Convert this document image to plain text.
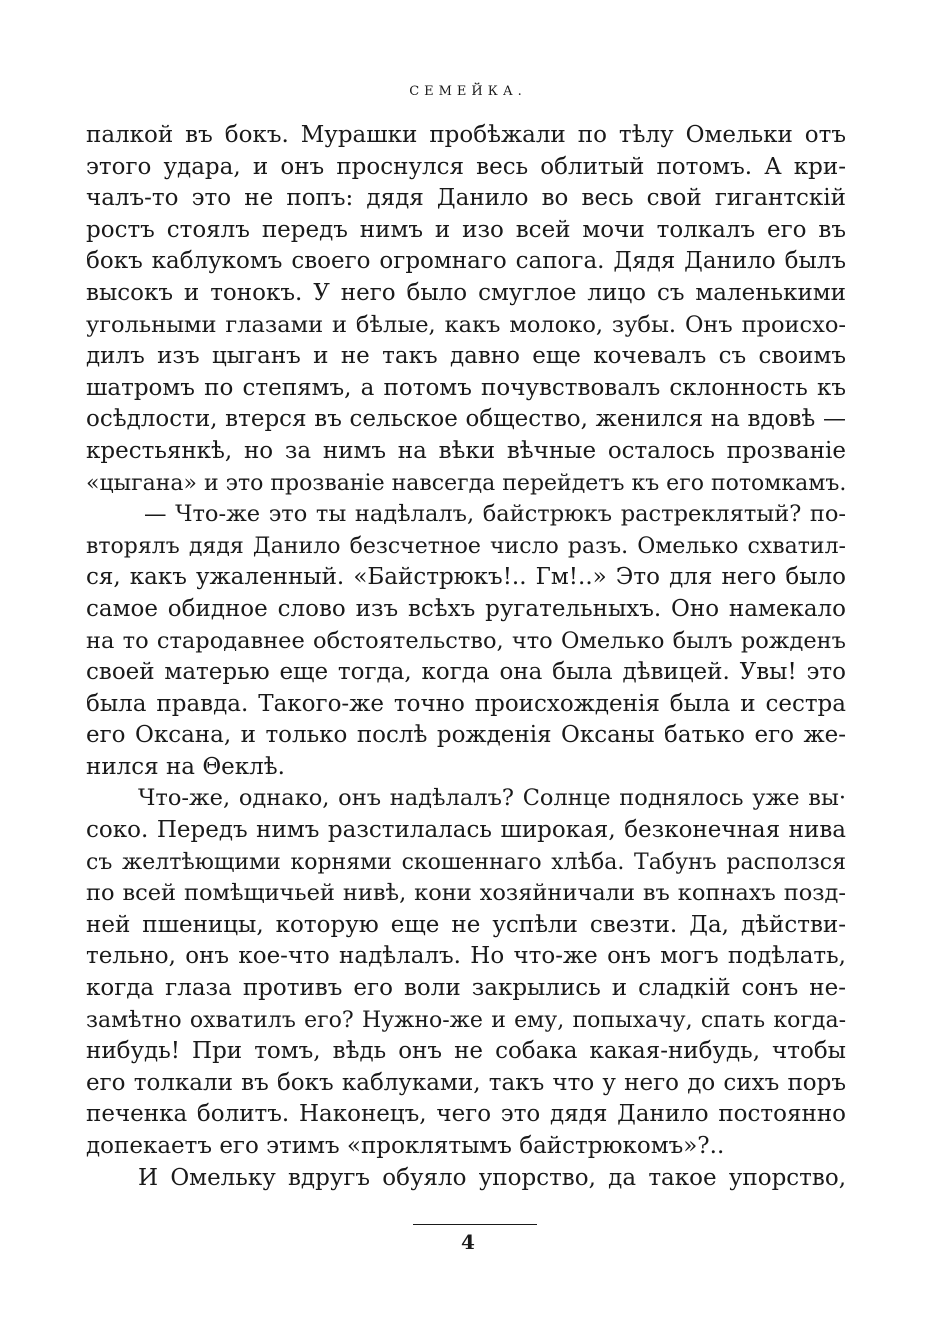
СЕМЕЙКА.
палкой въ бокъ. Мурашки пробѣжали по тѣлу Омельки отъ
этого удара, и онъ проснулся весь облитый потомъ. А кри-
чалъ-то это не попъ: дядя Данило во весь свой гигантскiй
ростъ стоялъ передъ нимъ и изо всей мочи толкалъ его въ
бокъ каблукомъ своего огромнаго сапога. Дядя Данило былъ
высокъ и тонокъ. У него было смуглое лицо съ маленькими
угольными глазами и бѣлые, какъ молоко, зубы. Онъ происхо-
дилъ изъ цыганъ и не такъ давно еще кочевалъ съ своимъ
шатромъ по степямъ, а потомъ почувствовалъ склонность къ
осѣдлости, втерся въ сельское общество, женился на вдовѣ —
крестьянкѣ, но за нимъ на вѣки вѣчные осталось прозванiе
«цыгана» и это прозванiе навсегда перейдетъ къ его потомкамъ.
— Что-же это ты надѣлалъ, байстрюкъ растреклятый? по-
вторялъ дядя Данило безсчетное число разъ. Омелько схватил-
ся, какъ ужаленный. «Байстрюкъ!.. Гм!..» Это для него было
самое обидное слово изъ всѣхъ ругательныхъ. Оно намекало
на то стародавнее обстоятельство, что Омелько былъ рожденъ
своей матерью еще тогда, когда она была дѣвицей. Увы! это
была правда. Такого-же точно происхожденiя была и сестра
его Оксана, и только послѣ рожденiя Оксаны батько его же-
нился на Θеклѣ.
Что-же, однако, онъ надѣлалъ? Солнце поднялось уже вы·
соко. Передъ нимъ разстилалась широкая, безконечная нива
съ желтѣющими корнями скошеннаго хлѣба. Табунъ расползся
по всей помѣщичьей нивѣ, кони хозяйничали въ копнахъ позд-
ней пшеницы, которую еще не успѣли свезти. Да, дѣйстви-
тельно, онъ кое-что надѣлалъ. Но что-же онъ могъ подѣлать,
когда глаза противъ его воли закрылись и сладкiй сонъ не-
замѣтно охватилъ его? Нужно-же и ему, попыхачу, спать когда-
нибудь! При томъ, вѣдь онъ не собака какая-нибудь, чтобы
его толкали въ бокъ каблуками, такъ что у него до сихъ поръ
печенка болитъ. Наконецъ, чего это дядя Данило постоянно
допекаетъ его этимъ «проклятымъ байстрюкомъ»?..
И Омельку вдругъ обуяло упорство, да такое упорство,
4
